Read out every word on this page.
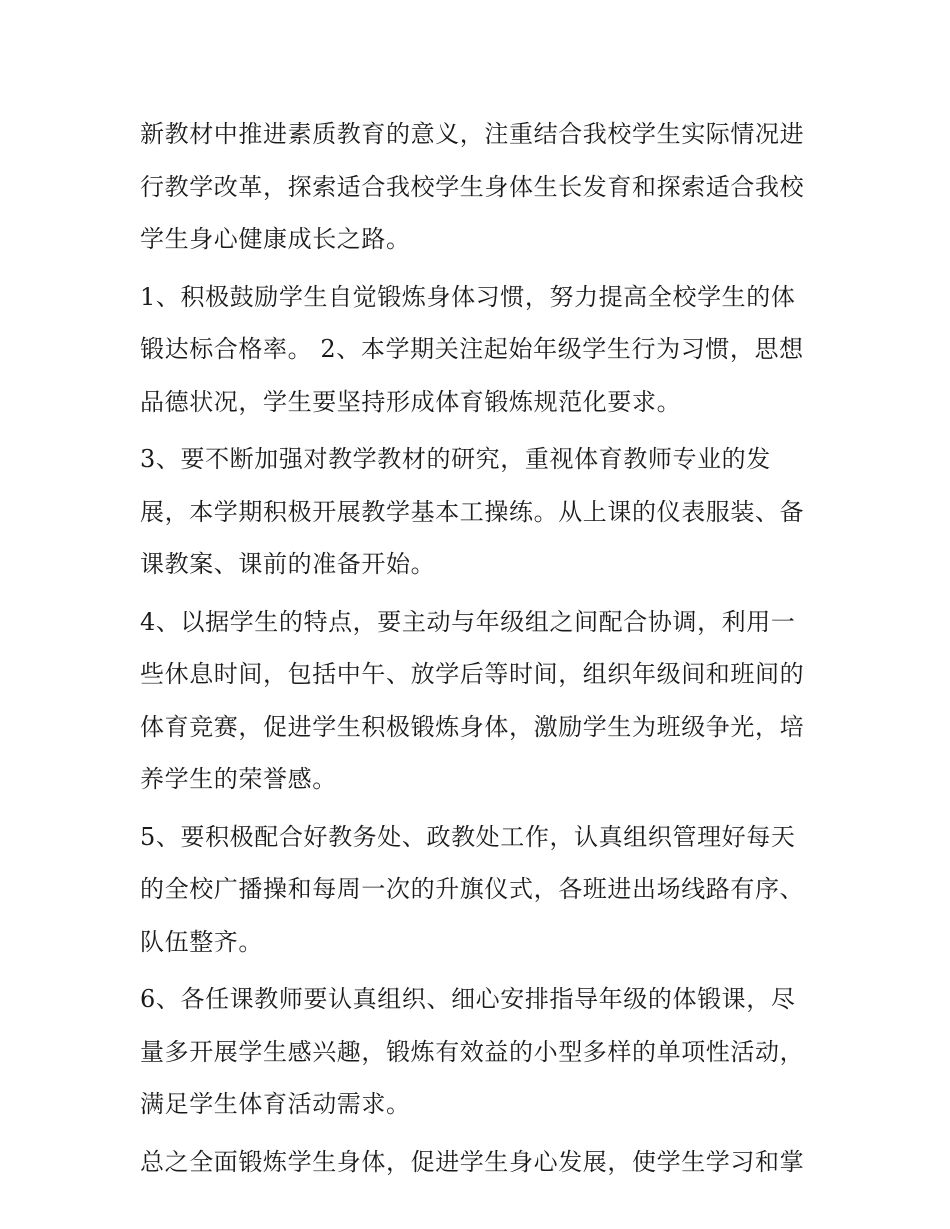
新教材中推进素质教育的意义，注重结合我校学生实际情况进
行教学改革，探索适合我校学生身体生长发育和探索适合我校
学生身心健康成长之路。
1、积极鼓励学生自觉锻炼身体习惯，努力提高全校学生的体
锻达标合格率。 2、本学期关注起始年级学生行为习惯，思想
品德状况，学生要坚持形成体育锻炼规范化要求。
3、要不断加强对教学教材的研究，重视体育教师专业的发
展，本学期积极开展教学基本工操练。从上课的仪表服装、备
课教案、课前的准备开始。
4、以据学生的特点，要主动与年级组之间配合协调，利用一
些休息时间，包括中午、放学后等时间，组织年级间和班间的
体育竞赛，促进学生积极锻炼身体，激励学生为班级争光，培
养学生的荣誉感。
5、要积极配合好教务处、政教处工作，认真组织管理好每天
的全校广播操和每周一次的升旗仪式，各班进出场线路有序、
队伍整齐。
6、各任课教师要认真组织、细心安排指导年级的体锻课，尽
量多开展学生感兴趣，锻炼有效益的小型多样的单项性活动，
满足学生体育活动需求。
总之全面锻炼学生身体，促进学生身心发展，使学生学习和掌
